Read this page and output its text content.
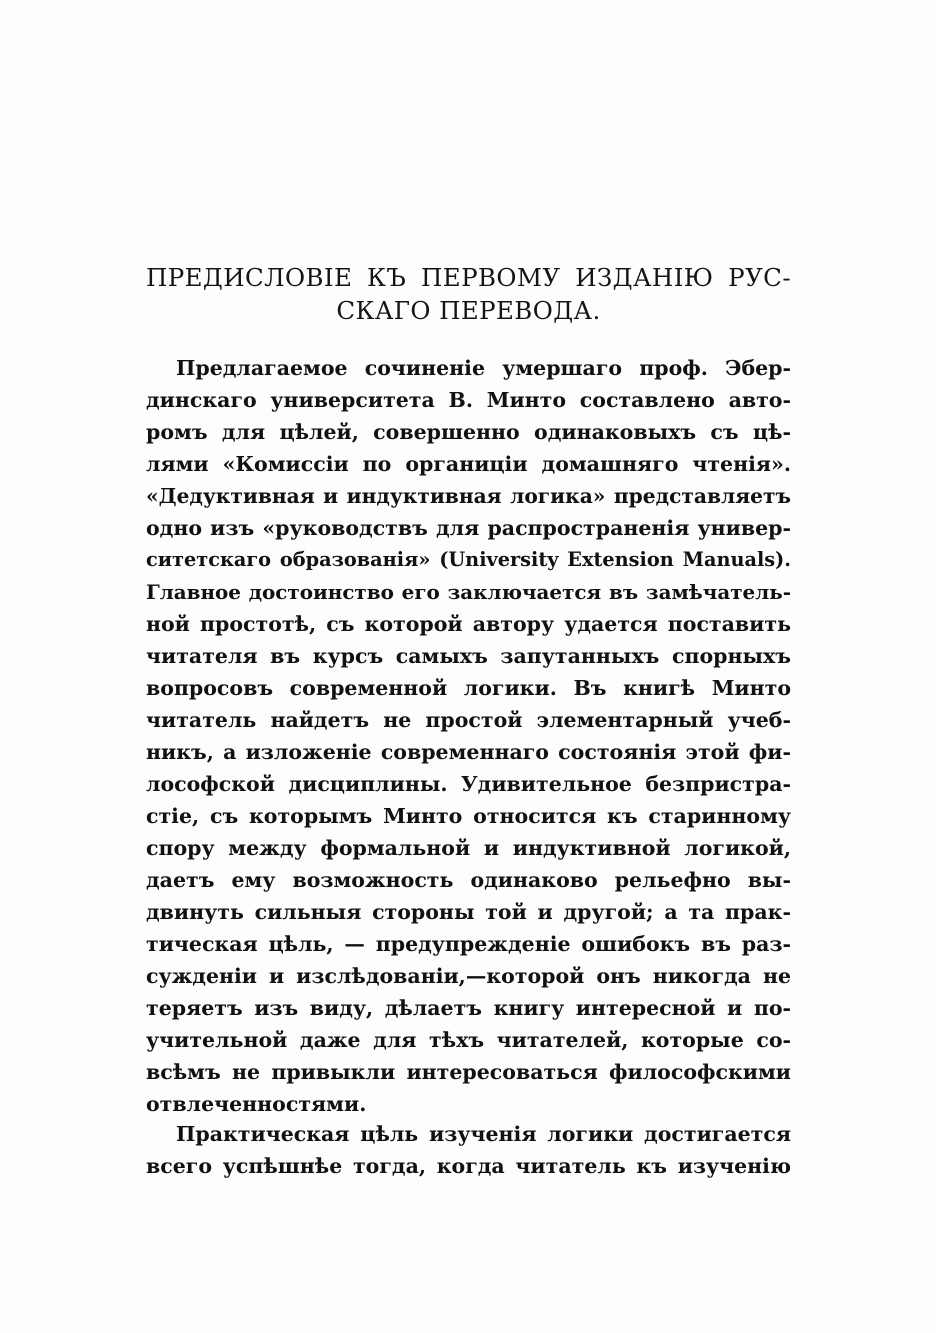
ПРЕДИСЛОВІЕ КЪ ПЕРВОМУ ИЗДАНІЮ РУС-
СКАГО ПЕРЕВОДА.
Предлагаемое сочиненіе умершаго проф. Эбер-
динскаго университета В. Минто составлено авто-
ромъ для цѣлей, совершенно одинаковыхъ съ цѣ-
лями «Комиссіи по органиціи домашняго чтенія».
«Дедуктивная и индуктивная логика» представляетъ
одно изъ «руководствъ для распространенія универ-
ситетскаго образованія» (University Extension Manuals).
Главное достоинство его заключается въ замѣчатель-
ной простотѣ, съ которой автору удается поставить
читателя въ курсъ самыхъ запутанныхъ спорныхъ
вопросовъ современной логики. Въ книгѣ Минто
читатель найдетъ не простой элементарный учеб-
никъ, а изложеніе современнаго состоянія этой фи-
лософской дисциплины. Удивительное безпристра-
стіе, съ которымъ Минто относится къ старинному
спору между формальной и индуктивной логикой,
даетъ ему возможность одинаково рельефно вы-
двинуть сильныя стороны той и другой; а та прак-
тическая цѣль, — предупрежденіе ошибокъ въ раз-
сужденіи и изслѣдованіи,—которой онъ никогда не
теряетъ изъ виду, дѣлаетъ книгу интересной и по-
учительной даже для тѣхъ читателей, которые со-
всѣмъ не привыкли интересоваться философскими
отвлеченностями.
Практическая цѣль изученія логики достигается
всего успѣшнѣе тогда, когда читатель къ изученію
